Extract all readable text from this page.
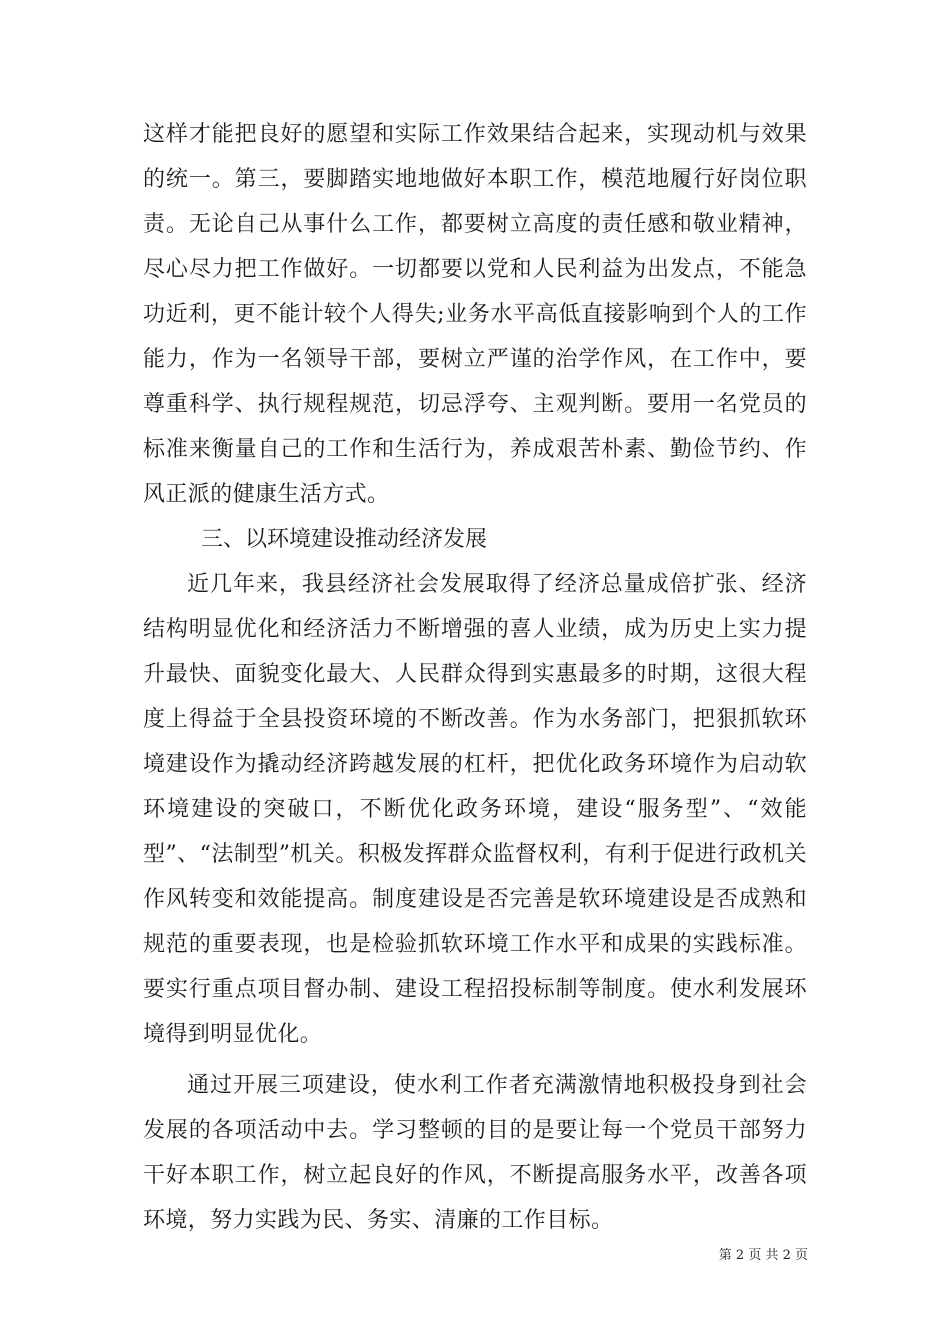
这样才能把良好的愿望和实际工作效果结合起来，实现动机与效果的统一。第三，要脚踏实地地做好本职工作，模范地履行好岗位职责。无论自己从事什么工作，都要树立高度的责任感和敬业精神，尽心尽力把工作做好。一切都要以党和人民利益为出发点，不能急功近利，更不能计较个人得失;业务水平高低直接影响到个人的工作能力，作为一名领导干部，要树立严谨的治学作风，在工作中，要尊重科学、执行规程规范，切忌浮夸、主观判断。要用一名党员的标准来衡量自己的工作和生活行为，养成艰苦朴素、勤俭节约、作风正派的健康生活方式。

三、以环境建设推动经济发展

近几年来，我县经济社会发展取得了经济总量成倍扩张、经济结构明显优化和经济活力不断增强的喜人业绩，成为历史上实力提升最快、面貌变化最大、人民群众得到实惠最多的时期，这很大程度上得益于全县投资环境的不断改善。作为水务部门，把狠抓软环境建设作为撬动经济跨越发展的杠杆，把优化政务环境作为启动软环境建设的突破口，不断优化政务环境，建设“服务型”、“效能型”、“法制型”机关。积极发挥群众监督权利，有利于促进行政机关作风转变和效能提高。制度建设是否完善是软环境建设是否成熟和规范的重要表现，也是检验抓软环境工作水平和成果的实践标准。要实行重点项目督办制、建设工程招投标制等制度。使水利发展环境得到明显优化。

通过开展三项建设，使水利工作者充满激情地积极投身到社会发展的各项活动中去。学习整顿的目的是要让每一个党员干部努力干好本职工作，树立起良好的作风，不断提高服务水平，改善各项环境，努力实践为民、务实、清廉的工作目标。

第 2 页 共 2 页
